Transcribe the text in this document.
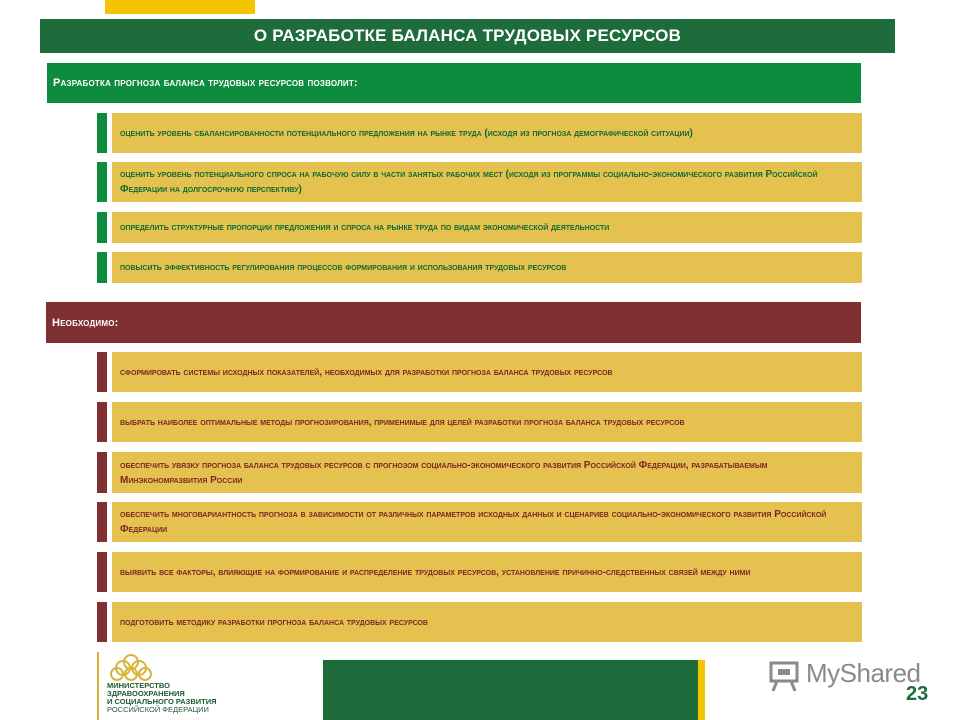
О РАЗРАБОТКЕ БАЛАНСА ТРУДОВЫХ РЕСУРСОВ
Разработка прогноза баланса трудовых ресурсов позволит:
оценить уровень сбалансированности потенциального предложения на рынке труда (исходя из прогноза демографической ситуации)
оценить уровень потенциального спроса на рабочую силу в части занятых рабочих мест (исходя из программы социально-экономического развития Российской Федерации на долгосрочную перспективу)
определить структурные пропорции предложения и спроса на рынке труда по видам экономической деятельности
повысить эффективность регулирования процессов формирования и использования трудовых ресурсов
Необходимо:
сформировать системы исходных показателей, необходимых для разработки прогноза баланса трудовых ресурсов
выбрать наиболее оптимальные методы прогнозирования, применимые для целей разработки прогноза баланса трудовых ресурсов
обеспечить увязку прогноза баланса трудовых ресурсов с прогнозом социально-экономического развития Российской Федерации, разрабатываемым Минэкономразвития России
обеспечить многовариантность прогноза в зависимости от различных параметров исходных данных и сценариев социально-экономического развития Российской Федерации
выявить все факторы, влияющие на формирование и распределение трудовых ресурсов, установление причинно-следственных связей между ними
подготовить методику разработки прогноза баланса трудовых ресурсов
МИНИСТЕРСТВО
ЗДРАВООХРАНЕНИЯ
И СОЦИАЛЬНОГО РАЗВИТИЯ
РОССИЙСКОЙ ФЕДЕРАЦИИ
MyShared
23
